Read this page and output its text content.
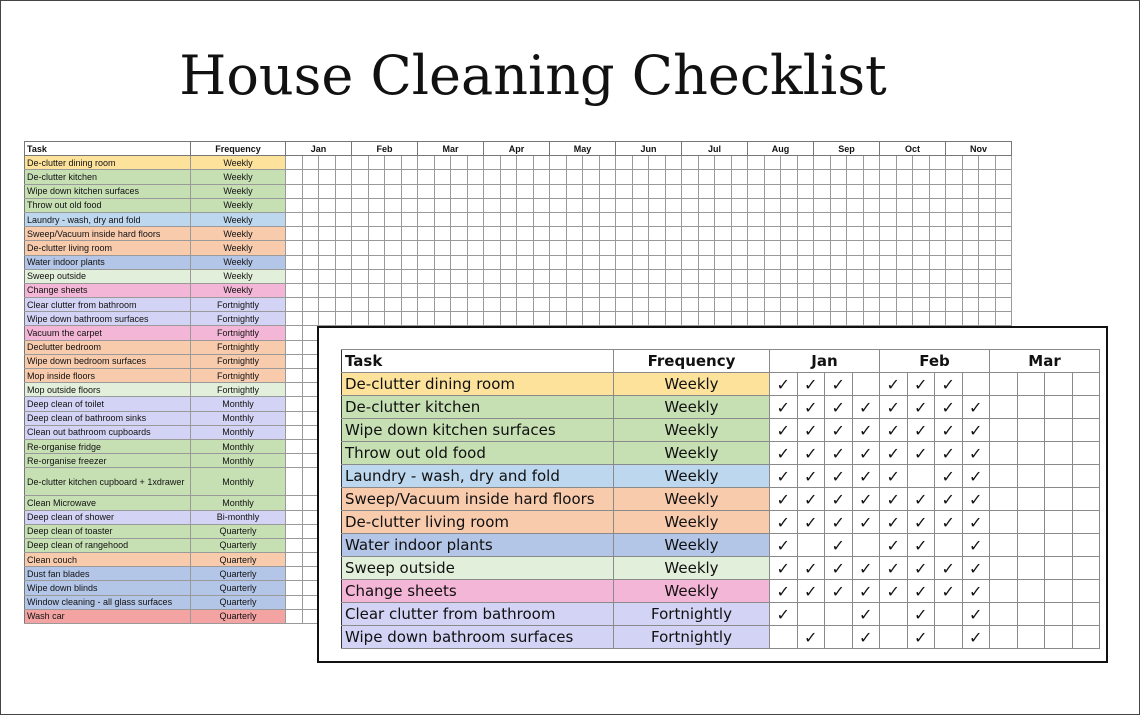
House Cleaning Checklist
Task	Frequency	Jan				Feb				Mar				Apr				May				Jun				Jul				Aug				Sep				Oct				Nov			
De-clutter dining room	Weekly																																												
De-clutter kitchen	Weekly																																												
Wipe down kitchen surfaces	Weekly																																												
Throw out old food	Weekly																																												
Laundry - wash, dry and fold	Weekly																																												
Sweep/Vacuum inside hard floors	Weekly																																												
De-clutter living room	Weekly																																												
Water indoor plants	Weekly																																												
Sweep outside	Weekly																																												
Change sheets	Weekly																																												
Clear clutter from bathroom	Fortnightly																																												
Wipe down bathroom surfaces	Fortnightly																																												
Vacuum the carpet	Fortnightly																																												
Declutter bedroom	Fortnightly																																												
Wipe down bedroom surfaces	Fortnightly																																												
Mop inside floors	Fortnightly																																												
Mop outside floors	Fortnightly																																												
Deep clean of toilet	Monthly																																												
Deep clean of bathroom sinks	Monthly																																												
Clean out bathroom cupboards	Monthly																																												
Re-organise fridge	Monthly																																												
Re-organise freezer	Monthly																																												
De-clutter kitchen cupboard + 1xdrawer	Monthly																																												
Clean Microwave	Monthly																																												
Deep clean of shower	Bi-monthly																																												
Deep clean of toaster	Quarterly																																												
Deep clean of rangehood	Quarterly																																												
Clean couch	Quarterly																																												
Dust fan blades	Quarterly																																												
Wipe down blinds	Quarterly																																												
Window cleaning - all glass surfaces	Quarterly																																												
Wash car	Quarterly																																												
Task	Frequency	Jan				Feb				Mar			
De-clutter dining room	Weekly	✓	✓	✓		✓	✓	✓					
De-clutter kitchen	Weekly	✓	✓	✓	✓	✓	✓	✓	✓				
Wipe down kitchen surfaces	Weekly	✓	✓	✓	✓	✓	✓	✓	✓				
Throw out old food	Weekly	✓	✓	✓	✓	✓	✓	✓	✓				
Laundry - wash, dry and fold	Weekly	✓	✓	✓	✓	✓		✓	✓				
Sweep/Vacuum inside hard floors	Weekly	✓	✓	✓	✓	✓	✓	✓	✓				
De-clutter living room	Weekly	✓	✓	✓	✓	✓	✓	✓	✓				
Water indoor plants	Weekly	✓		✓		✓	✓		✓				
Sweep outside	Weekly	✓	✓	✓	✓	✓	✓	✓	✓				
Change sheets	Weekly	✓	✓	✓	✓	✓	✓	✓	✓				
Clear clutter from bathroom	Fortnightly	✓			✓		✓		✓				
Wipe down bathroom surfaces	Fortnightly		✓		✓		✓		✓				
